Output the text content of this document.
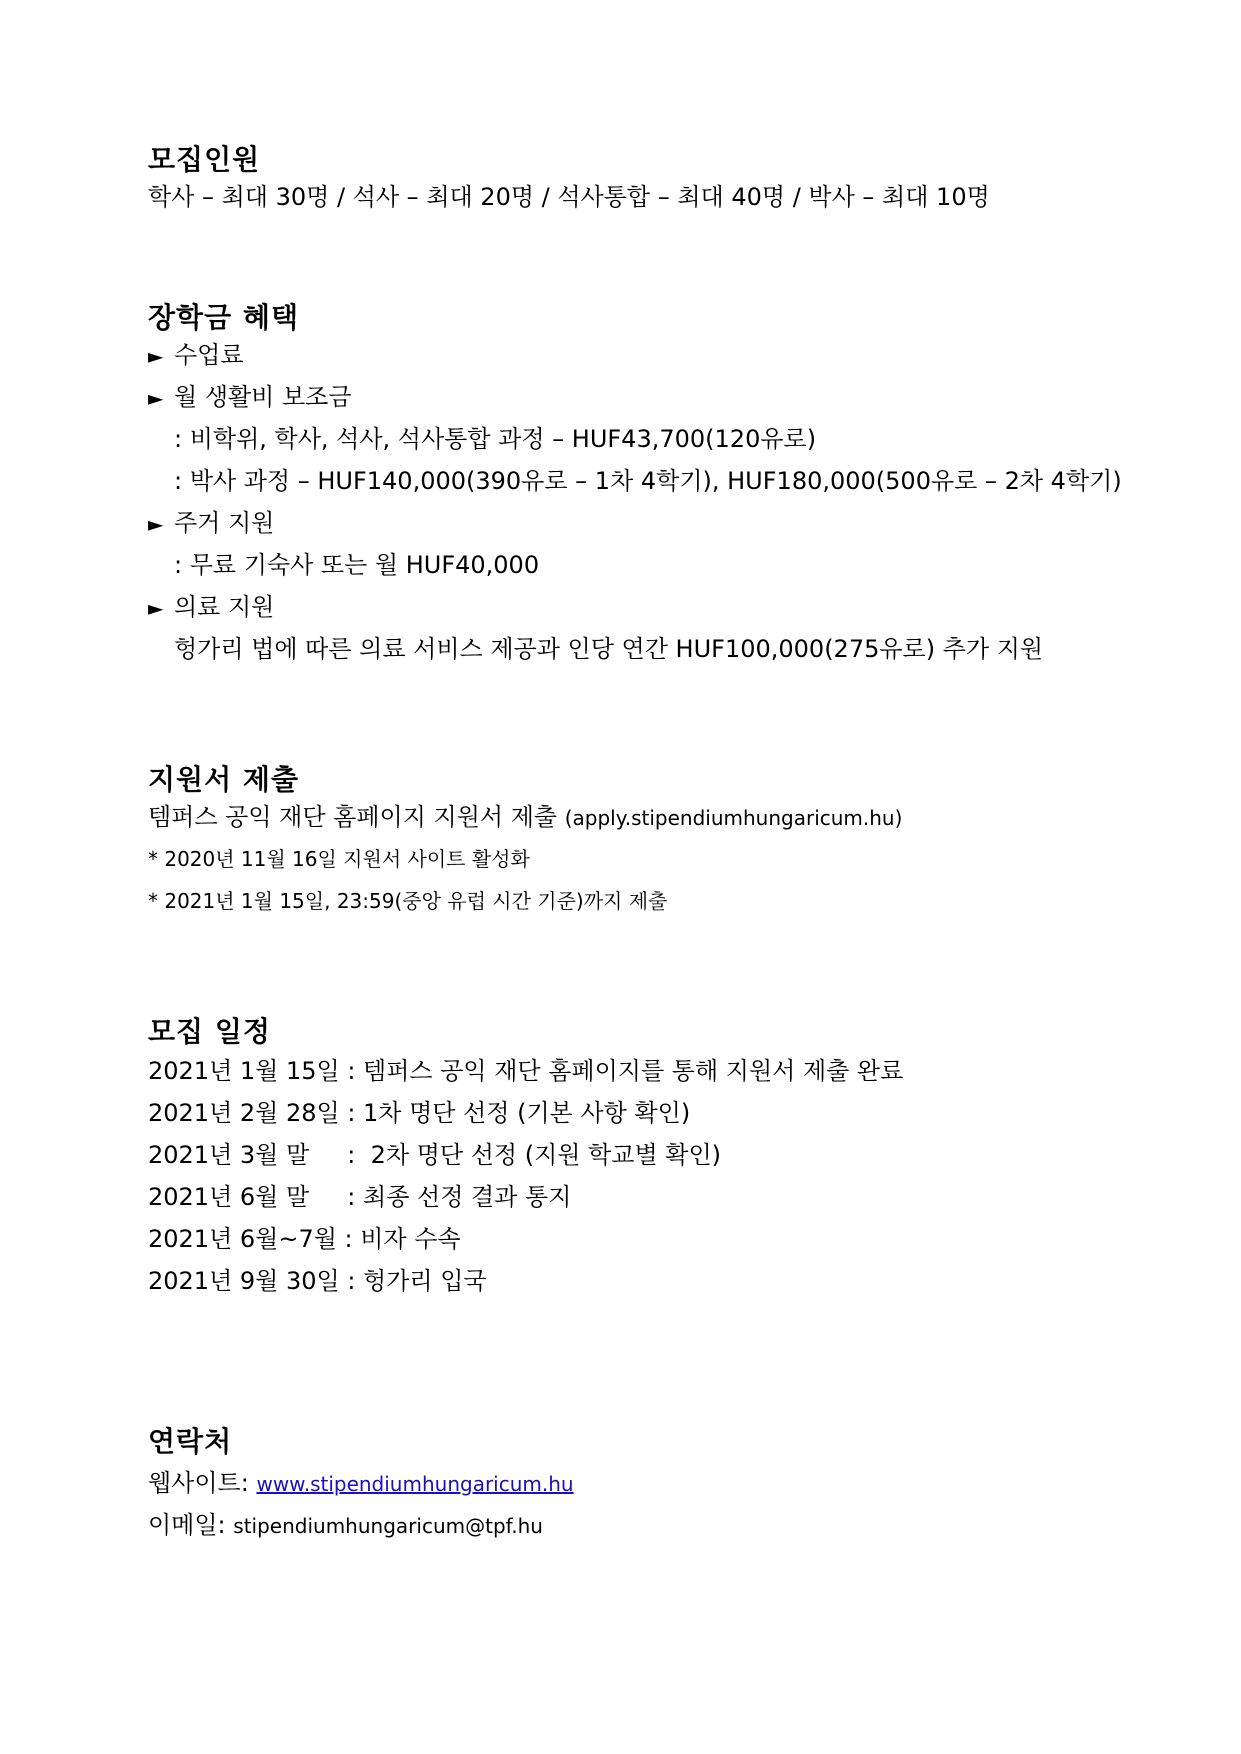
모집인원
학사 – 최대 30명 / 석사 – 최대 20명 / 석사통합 – 최대 40명 / 박사 – 최대 10명
장학금 혜택
► 수업료
► 월 생활비 보조금
: 비학위, 학사, 석사, 석사통합 과정 – HUF43,700(120유로)
: 박사 과정 – HUF140,000(390유로 – 1차 4학기), HUF180,000(500유로 – 2차 4학기)
► 주거 지원
: 무료 기숙사 또는 월 HUF40,000
► 의료 지원
헝가리 법에 따른 의료 서비스 제공과 인당 연간 HUF100,000(275유로) 추가 지원
지원서 제출
템퍼스 공익 재단 홈페이지 지원서 제출 (apply.stipendiumhungaricum.hu)
* 2020년 11월 16일 지원서 사이트 활성화
* 2021년 1월 15일, 23:59(중앙 유럽 시간 기준)까지 제출
모집 일정
2021년 1월 15일 : 템퍼스 공익 재단 홈페이지를 통해 지원서 제출 완료
2021년 2월 28일 : 1차 명단 선정 (기본 사항 확인)
2021년 3월 말     :  2차 명단 선정 (지원 학교별 확인)
2021년 6월 말     : 최종 선정 결과 통지
2021년 6월~7월 : 비자 수속
2021년 9월 30일 : 헝가리 입국
연락처
웹사이트: www.stipendiumhungaricum.hu
이메일: stipendiumhungaricum@tpf.hu
